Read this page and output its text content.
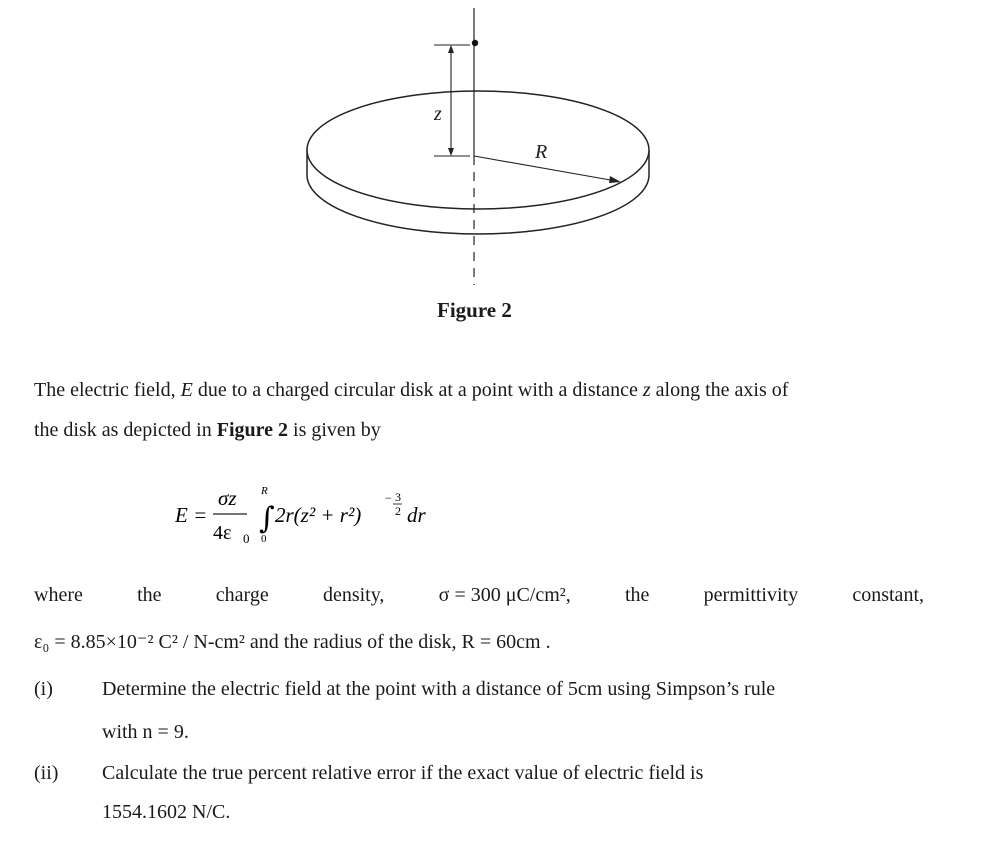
z
R
Figure 2
The electric field, E due to a charged circular disk at a point with a distance z along the axis of
the disk as depicted in Figure 2 is given by
E =
σz
4ε 0
R
0
∫ 2r(z² + r²)
− 3
2 dr
where	the	charge	density,	σ = 300 μC/cm²,	the	permittivity	constant,
ε₀ = 8.85×10⁻² C² / N-cm² and the radius of the disk, R = 60cm .
(i) Determine the electric field at the point with a distance of 5cm using Simpson’s rule
with n = 9.
(ii) Calculate the true percent relative error if the exact value of electric field is
1554.1602 N/C.
